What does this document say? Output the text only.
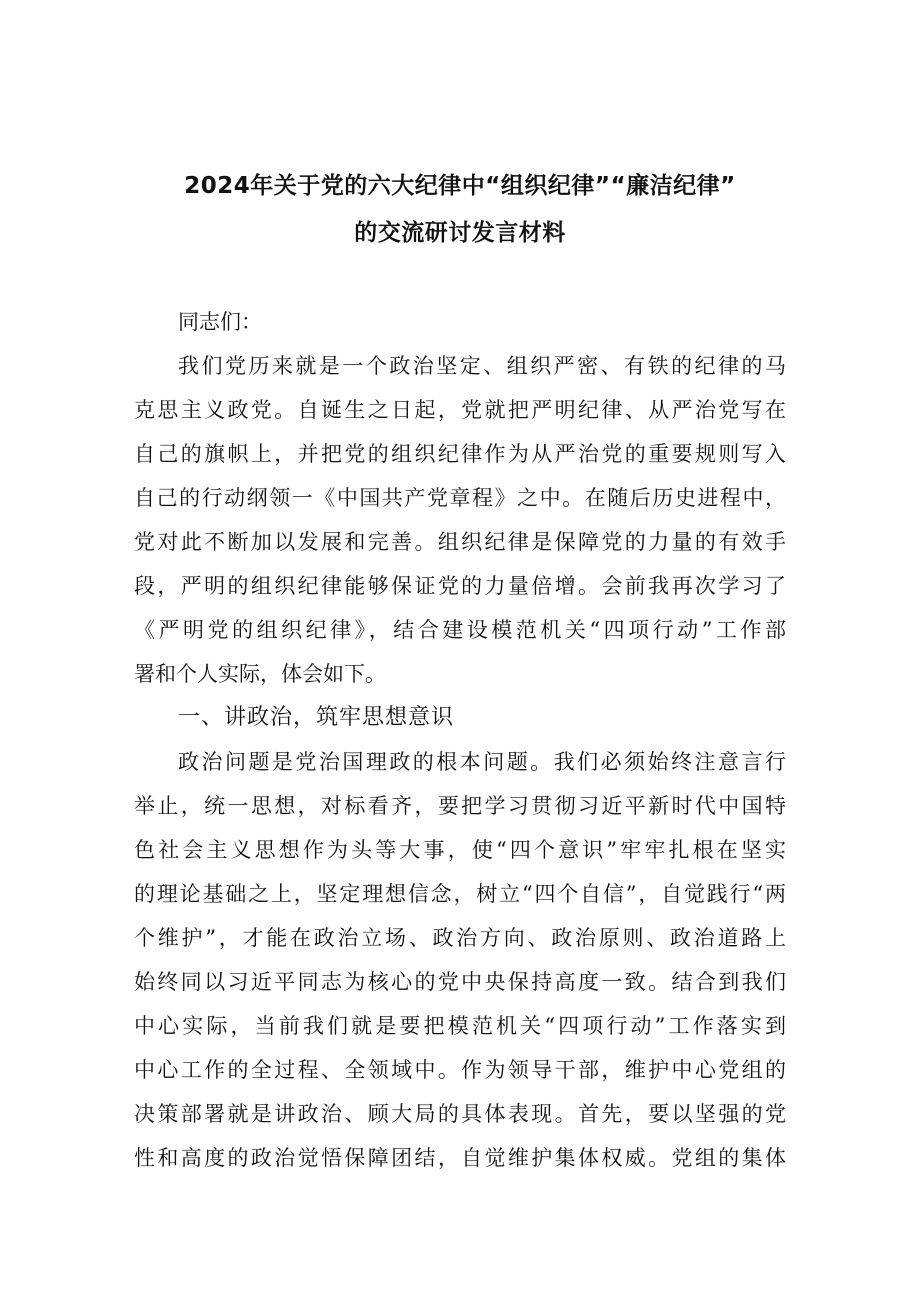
2024年关于党的六大纪律中“组织纪律”“廉洁纪律”
的交流研讨发言材料
同志们：
我们党历来就是一个政治坚定、组织严密、有铁的纪律的马
克思主义政党。自诞生之日起，党就把严明纪律、从严治党写在
自己的旗帜上，并把党的组织纪律作为从严治党的重要规则写入
自己的行动纲领一《中国共产党章程》之中。在随后历史进程中，
党对此不断加以发展和完善。组织纪律是保障党的力量的有效手
段，严明的组织纪律能够保证党的力量倍增。会前我再次学习了
《严明党的组织纪律》，结合建设模范机关“四项行动”工作部
署和个人实际，体会如下。
一、讲政治，筑牢思想意识
政治问题是党治国理政的根本问题。我们必须始终注意言行
举止，统一思想，对标看齐，要把学习贯彻习近平新时代中国特
色社会主义思想作为头等大事，使“四个意识”牢牢扎根在坚实
的理论基础之上，坚定理想信念，树立“四个自信”，自觉践行“两
个维护”，才能在政治立场、政治方向、政治原则、政治道路上
始终同以习近平同志为核心的党中央保持高度一致。结合到我们
中心实际，当前我们就是要把模范机关“四项行动”工作落实到
中心工作的全过程、全领域中。作为领导干部，维护中心党组的
决策部署就是讲政治、顾大局的具体表现。首先，要以坚强的党
性和高度的政治觉悟保障团结，自觉维护集体权威。党组的集体
